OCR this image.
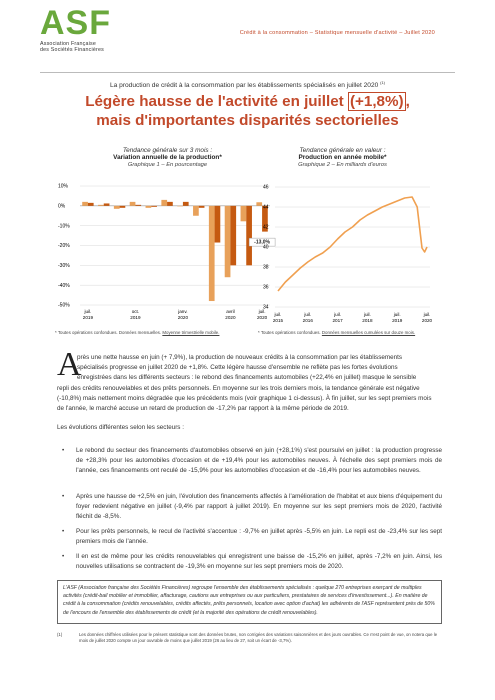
ASF
Association Française
des Sociétés Financières
Crédit à la consommation – Statistique mensuelle d'activité – Juillet 2020
La production de crédit à la consommation par les établissements spécialisés en juillet 2020 $^{(1)}$
Légère hausse de l'activité en juillet (+1,8%) ,
mais d'importantes disparités sectorielles
Tendance générale sur 3 mois :
Variation annuelle de la production*
Graphique 1 – En pourcentage
Tendance générale en valeur :
Production en année mobile*
Graphique 2 – En milliards d'euros
10%
0%
-10%
-20%
-30%
-40%
-50%
juil.
2019
oct.
2019
janv.
2020
avril
2020
juil.
2020
-13,0%
46
44
42
40
38
36
34
juil.
2015
juil.
2016
juil.
2017
juil.
2018
juil.
2019
juil.
2020
* Toutes opérations confondues. Données mensuelles. Moyenne trimestrielle mobile.	* Toutes opérations confondues. Données mensuelles cumulées sur douze mois.
A
près une nette hausse en juin (+ 7,9%), la production de nouveaux crédits à la consommation par les établissements
spécialisés progresse en juillet 2020 de +1,8%. Cette légère hausse d'ensemble ne reflète pas les fortes évolutions
enregistrées dans les différents secteurs : le rebond des financements automobiles (+22,4% en juillet) masque le sensible
repli des crédits renouvelables et des prêts personnels. En moyenne sur les trois derniers mois, la tendance générale est négative
(-10,8%) mais nettement moins dégradée que les précédents mois (voir graphique 1 ci-dessus). À fin juillet, sur les sept premiers mois
de l'année, le marché accuse un retard de production de -17,2% par rapport à la même période de 2019.
Les évolutions différentes selon les secteurs :
•	Le rebond du secteur des financements d'automobiles observé en juin (+28,1%) s'est poursuivi en juillet : la production progresse de +28,3% pour les automobiles d'occasion et de +19,4% pour les automobiles neuves. À l'échelle des sept premiers mois de l'année, ces financements ont reculé de -15,9% pour les automobiles d'occasion et de -16,4% pour les automobiles neuves.
•	Après une hausse de +2,5% en juin, l'évolution des financements affectés à l'amélioration de l'habitat et aux biens d'équipement du foyer redevient négative en juillet (-9,4% par rapport à juillet 2019). En moyenne sur les sept premiers mois de 2020, l'activité fléchit de -8,5%.
•	Pour les prêts personnels, le recul de l'activité s'accentue : -9,7% en juillet après -5,5% en juin. Le repli est de -23,4% sur les sept premiers mois de l'année.
•	Il en est de même pour les crédits renouvelables qui enregistrent une baisse de -15,2% en juillet, après -7,2% en juin. Ainsi, les nouvelles utilisations se contractent de -19,3% en moyenne sur les sept premiers mois de 2020.
L'ASF (Association française des Sociétés Financières) regroupe l'ensemble des établissements spécialisés : quelque 270 entreprises exerçant de multiples activités (crédit-bail mobilier et immobilier, affacturage, cautions aux entreprises ou aux particuliers, prestataires de services d'investissement...). En matière de crédit à la consommation (crédits renouvelables, crédits affectés, prêts personnels, location avec option d'achat) les adhérents de l'ASF représentent près de 50% de l'encours de l'ensemble des établissements de crédit (et la majorité des opérations de crédit renouvelables).
(1)	Les données chiffrées utilisées pour le présent statistique sont des données brutes, non corrigées des variations saisonnières et des jours ouvrables. Ce n'est point de vue, on notera que le mois de juillet 2020 compte un jour ouvrable de moins que juillet 2019 (26 au lieu de 27, soit un écart de -3,7%).
